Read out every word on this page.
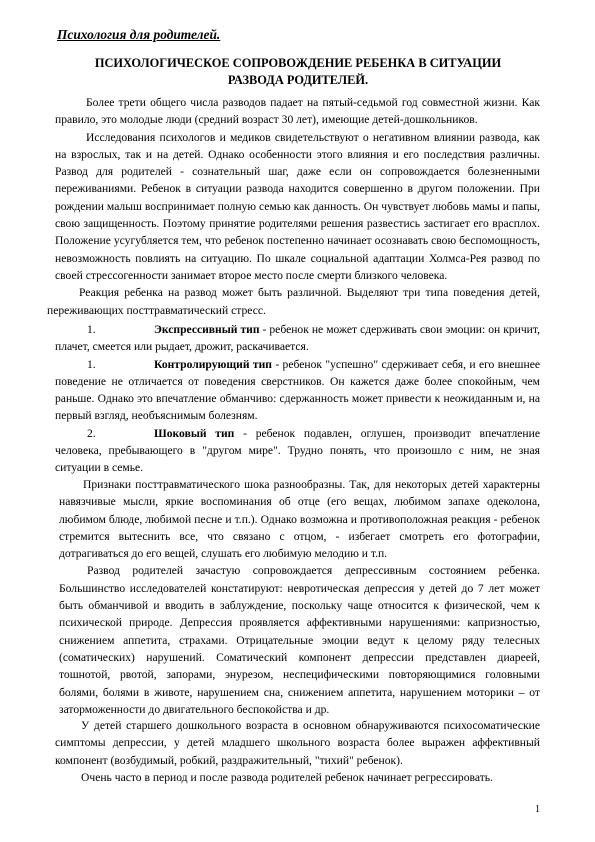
Психология для родителей.
ПСИХОЛОГИЧЕСКОЕ СОПРОВОЖДЕНИЕ РЕБЕНКА В СИТУАЦИИ
РАЗВОДА РОДИТЕЛЕЙ.

Более трети общего числа разводов падает на пятый-седьмой год совместной жизни. Как правило, это молодые люди (средний возраст 30 лет), имеющие детей-дошкольников.

Исследования психологов и медиков свидетельствуют о негативном влиянии развода, как на взрослых, так и на детей. Однако особенности этого влияния и его последствия различны. Развод для родителей - сознательный шаг, даже если он сопровождается болезненными переживаниями. Ребенок в ситуации развода находится совершенно в другом положении. При рождении малыш воспринимает полную семью как данность. Он чувствует любовь мамы и папы, свою защищенность. Поэтому принятие родителями решения развестись застигает его врасплох. Положение усугубляется тем, что ребенок постепенно начинает осознавать свою беспомощность, невозможность повлиять на ситуацию. По шкале социальной адаптации Холмса-Рея развод по своей стрессогенности занимает второе место после смерти близкого человека.

Реакция ребенка на развод может быть различной. Выделяют три типа поведения детей, переживающих посттравматический стресс.

1.	Экспрессивный тип - ребенок не может сдерживать свои эмоции: он кричит, плачет, смеется или рыдает, дрожит, раскачивается.

1.	Контролирующий тип - ребенок "успешно" сдерживает себя, и его внешнее поведение не отличается от поведения сверстников. Он кажется даже более спокойным, чем раньше. Однако это впечатление обманчиво: сдержанность может привести к неожиданным и, на первый взгляд, необъяснимым болезням.

2.	Шоковый тип - ребенок подавлен, оглушен, производит впечатление человека, пребывающего в "другом мире". Трудно понять, что произошло с ним, не зная ситуации в семье.

Признаки посттравматического шока разнообразны. Так, для некоторых детей характерны навязчивые мысли, яркие воспоминания об отце (его вещах, любимом запахе одеколона, любимом блюде, любимой песне и т.п.). Однако возможна и противоположная реакция - ребенок стремится вытеснить все, что связано с отцом, - избегает смотреть его фотографии, дотрагиваться до его вещей, слушать его любимую мелодию и т.п.

Развод родителей зачастую сопровождается депрессивным состоянием ребенка. Большинство исследователей констатируют: невротическая депрессия у детей до 7 лет может быть обманчивой и вводить в заблуждение, поскольку чаще относится к физической, чем к психической природе. Депрессия проявляется аффективными нарушениями: капризностью, снижением аппетита, страхами. Отрицательные эмоции ведут к целому ряду телесных (соматических) нарушений. Соматический компонент депрессии представлен диареей, тошнотой, рвотой, запорами, энурезом, неспецифическими повторяющимися головными болями, болями в животе, нарушением сна, снижением аппетита, нарушением моторики – от заторможенности до двигательного беспокойства и др.

У детей старшего дошкольного возраста в основном обнаруживаются психосоматические симптомы депрессии, у детей младшего школьного возраста более выражен аффективный компонент (возбудимый, робкий, раздражительный, "тихий" ребенок).

Очень часто в период и после развода родителей ребенок начинает регрессировать.

1
